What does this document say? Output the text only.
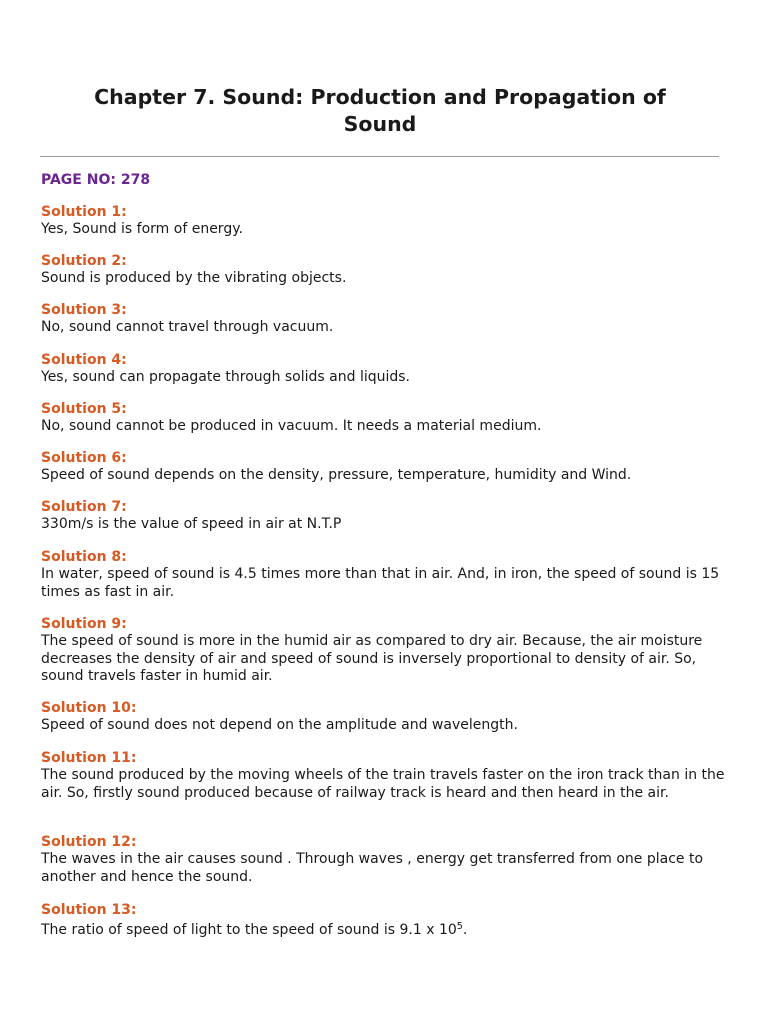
Chapter 7. Sound: Production and Propagation of Sound
PAGE NO: 278
Solution 1:
Yes, Sound is form of energy.
Solution 2:
Sound is produced by the vibrating objects.
Solution 3:
No, sound cannot travel through vacuum.
Solution 4:
Yes, sound can propagate through solids and liquids.
Solution 5:
No, sound cannot be produced in vacuum. It needs a material medium.
Solution 6:
Speed of sound depends on the density, pressure, temperature, humidity and Wind.
Solution 7:
330m/s is the value of speed in air at N.T.P
Solution 8:
In water, speed of sound is 4.5 times more than that in air. And, in iron, the speed of sound is 15 times as fast in air.
Solution 9:
The speed of sound is more in the humid air as compared to dry air. Because, the air moisture decreases the density of air and speed of sound is inversely proportional to density of air. So, sound travels faster in humid air.
Solution 10:
Speed of sound does not depend on the amplitude and wavelength.
Solution 11:
The sound produced by the moving wheels of the train travels faster on the iron track than in the air. So, firstly sound produced because of railway track is heard and then heard in the air.
Solution 12:
The waves in the air causes sound . Through waves , energy get transferred from one place to another and hence the sound.
Solution 13:
The ratio of speed of light to the speed of sound is 9.1 x $10^5$.
